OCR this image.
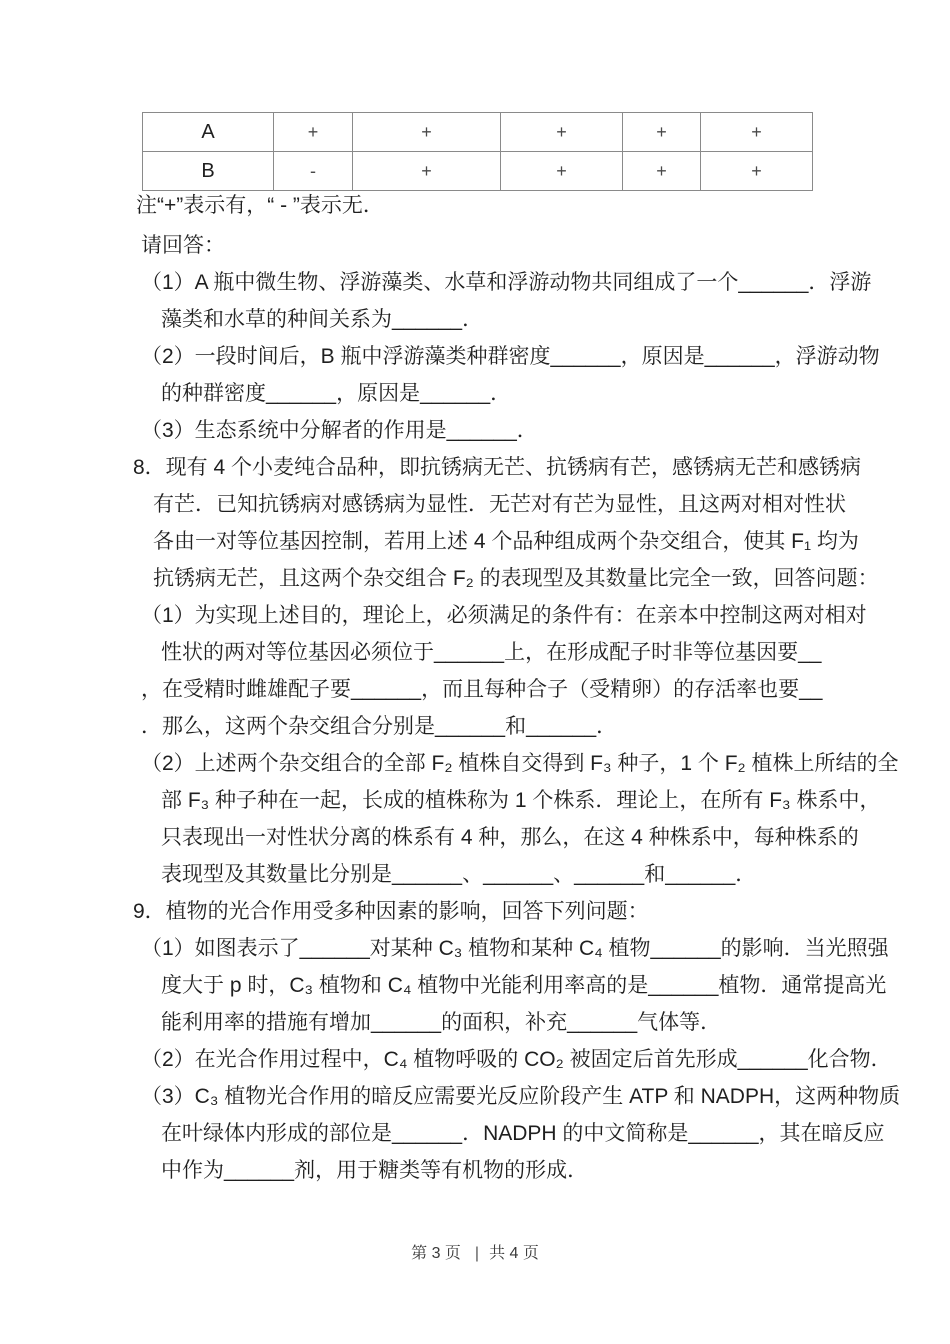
A	+	+	+	+	+
B	-	+	+	+	+
注“+”表示有，“ - ”表示无．
请回答：
（1）A 瓶中微生物、浮游藻类、水草和浮游动物共同组成了一个______．浮游
藻类和水草的种间关系为______．
（2）一段时间后，B 瓶中浮游藻类种群密度______，原因是______，浮游动物
的种群密度______，原因是______．
（3）生态系统中分解者的作用是______．
8．现有 4 个小麦纯合品种，即抗锈病无芒、抗锈病有芒，感锈病无芒和感锈病
有芒．已知抗锈病对感锈病为显性．无芒对有芒为显性，且这两对相对性状
各由一对等位基因控制，若用上述 4 个品种组成两个杂交组合，使其 F₁ 均为
抗锈病无芒，且这两个杂交组合 F₂ 的表现型及其数量比完全一致，回答问题：
（1）为实现上述目的，理论上，必须满足的条件有：在亲本中控制这两对相对
性状的两对等位基因必须位于______上，在形成配子时非等位基因要__
，在受精时雌雄配子要______，而且每种合子（受精卵）的存活率也要__
．那么，这两个杂交组合分别是______和______．
（2）上述两个杂交组合的全部 F₂ 植株自交得到 F₃ 种子，1 个 F₂ 植株上所结的全
部 F₃ 种子种在一起，长成的植株称为 1 个株系．理论上，在所有 F₃ 株系中，
只表现出一对性状分离的株系有 4 种，那么，在这 4 种株系中，每种株系的
表现型及其数量比分别是______、______、______和______．
9．植物的光合作用受多种因素的影响，回答下列问题：
（1）如图表示了______对某种 C₃ 植物和某种 C₄ 植物______的影响．当光照强
度大于 p 时，C₃ 植物和 C₄ 植物中光能利用率高的是______植物．通常提高光
能利用率的措施有增加______的面积，补充______气体等．
（2）在光合作用过程中，C₄ 植物呼吸的 CO₂ 被固定后首先形成______化合物．
（3）C₃ 植物光合作用的暗反应需要光反应阶段产生 ATP 和 NADPH，这两种物质
在叶绿体内形成的部位是______．NADPH 的中文简称是______，其在暗反应
中作为______剂，用于糖类等有机物的形成．
第 3 页 | 共 4 页
